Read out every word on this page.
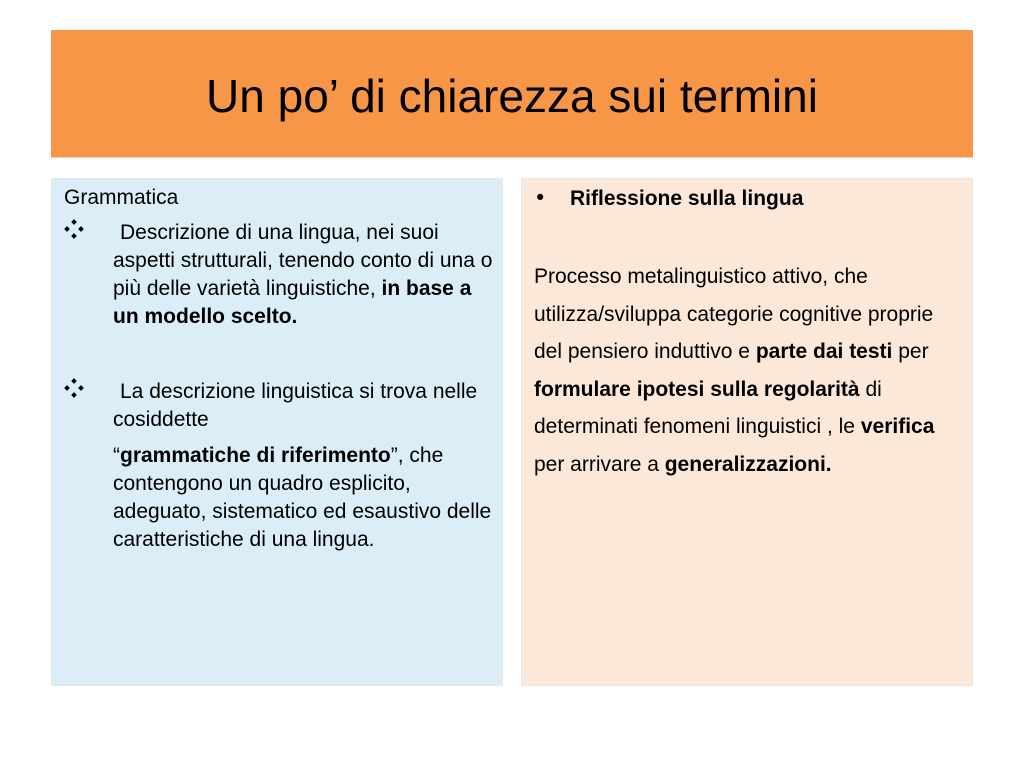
Un po’ di chiarezza sui termini
Grammatica
Descrizione di una lingua, nei suoi aspetti strutturali, tenendo conto di una o più delle varietà linguistiche, in base a un modello scelto.
La descrizione linguistica si trova nelle cosiddette
“grammatiche di riferimento”, che contengono un quadro esplicito, adeguato, sistematico ed esaustivo delle caratteristiche di una lingua.
• Riflessione sulla lingua
Processo metalinguistico attivo, che utilizza/sviluppa categorie cognitive proprie del pensiero induttivo e parte dai testi per formulare ipotesi sulla regolarità di determinati fenomeni linguistici , le verifica per arrivare a generalizzazioni.
